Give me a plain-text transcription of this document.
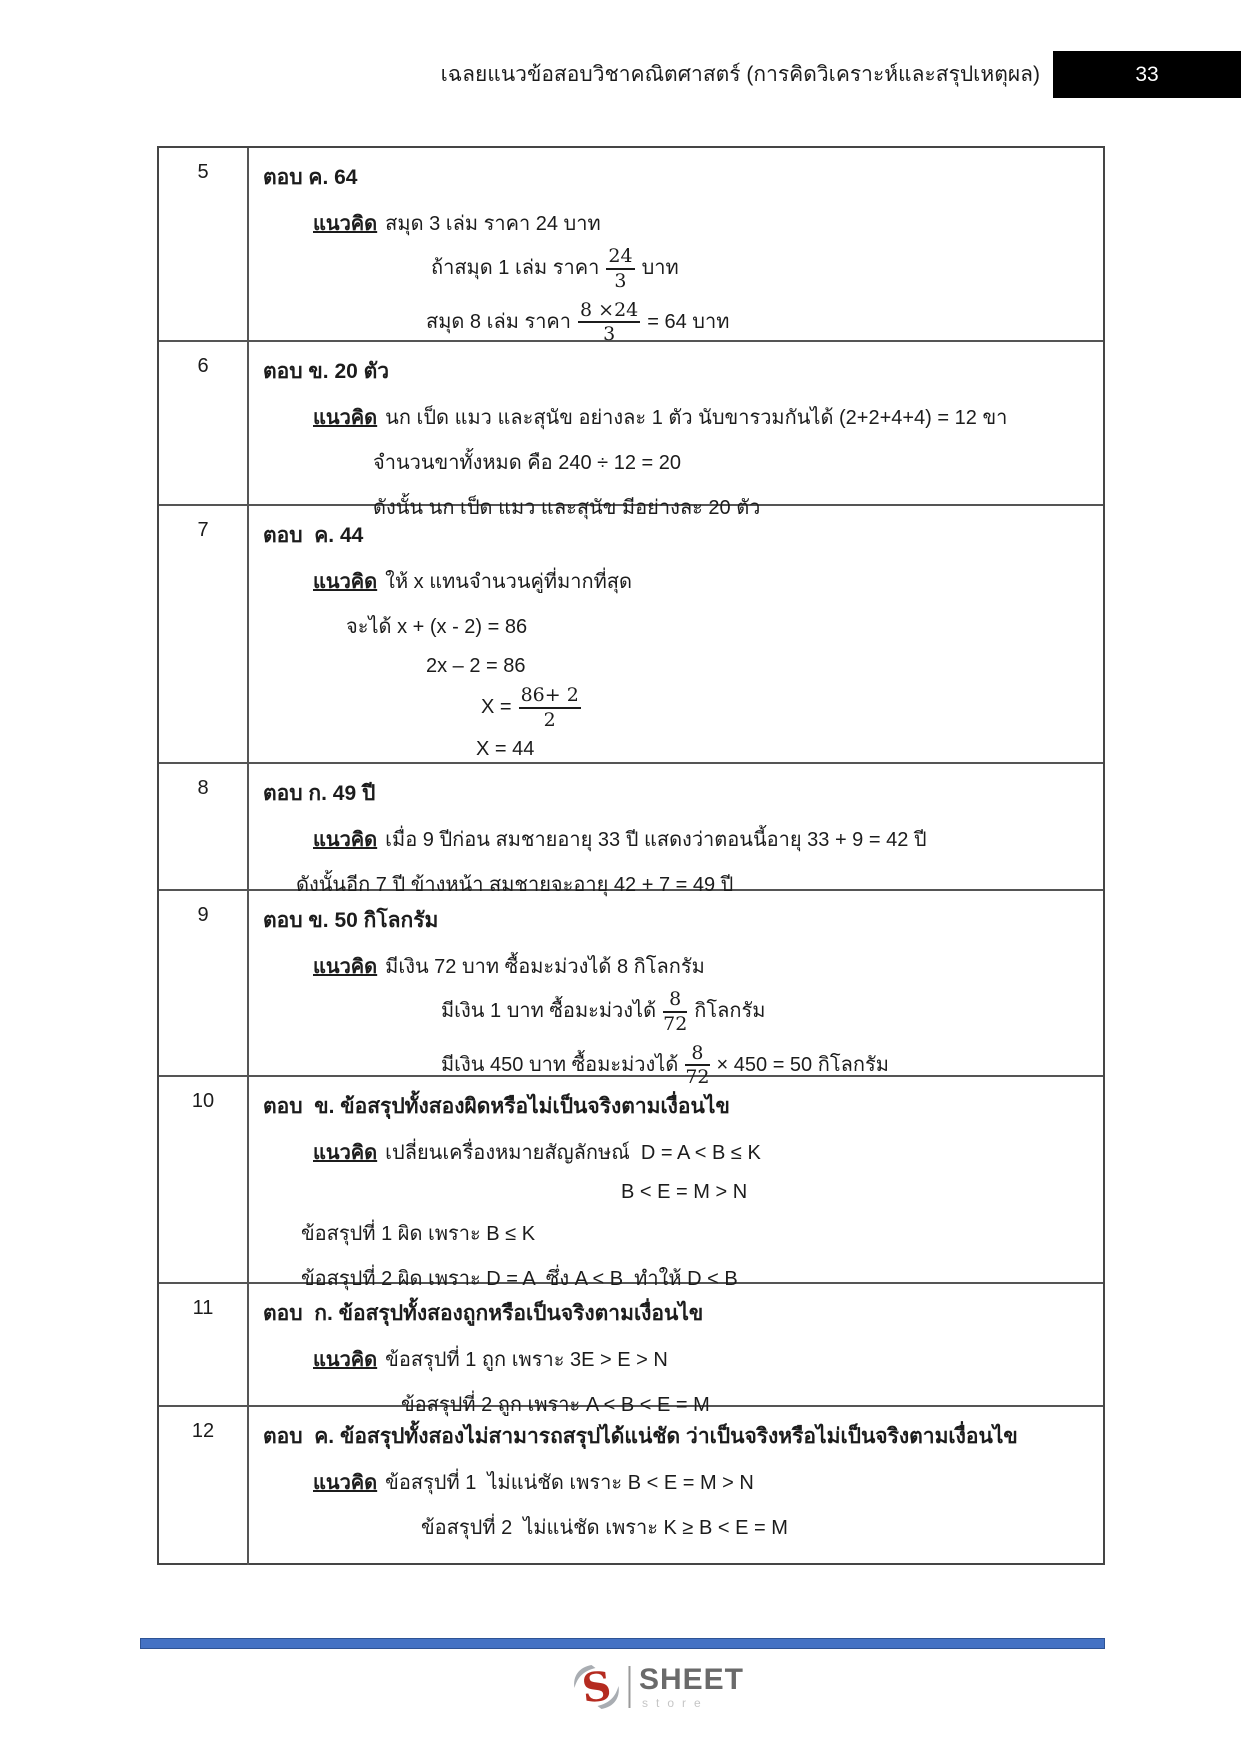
เฉลยแนวข้อสอบวิชาคณิตศาสตร์ (การคิดวิเคราะห์และสรุปเหตุผล)	33
5	ตอบ ค. 64
แนวคิด สมุด 3 เล่ม ราคา 24 บาท
ถ้าสมุด 1 เล่ม ราคา $\frac{24}{3}$ บาท
สมุด 8 เล่ม ราคา $\frac{8 \times 24}{3} = 64$ บาท
6	ตอบ ข. 20 ตัว
แนวคิด นก เป็ด แมว และสุนัข อย่างละ 1 ตัว นับขารวมกันได้ (2+2+4+4) = 12 ขา
จำนวนขาทั้งหมด คือ 240 ÷ 12 = 20
ดังนั้น นก เป็ด แมว และสุนัข มีอย่างละ 20 ตัว
7	ตอบ  ค. 44
แนวคิด ให้ x แทนจำนวนคู่ที่มากที่สุด
จะได้ x + (x - 2) = 86
2x – 2 = 86
$X = \frac{86+ 2}{2}$
X = 44
8	ตอบ ก. 49 ปี
แนวคิด เมื่อ 9 ปีก่อน สมชายอายุ 33 ปี แสดงว่าตอนนี้อายุ 33 + 9 = 42 ปี
ดังนั้นอีก 7 ปี ข้างหน้า สมชายจะอายุ 42 + 7 = 49 ปี
9	ตอบ ข. 50 กิโลกรัม
แนวคิด มีเงิน 72 บาท ซื้อมะม่วงได้ 8 กิโลกรัม
มีเงิน 1 บาท ซื้อมะม่วงได้ $\frac{8}{72}$ กิโลกรัม
มีเงิน 450 บาท ซื้อมะม่วงได้ $\frac{8}{72} \times 450 = 50$ กิโลกรัม
10	ตอบ  ข. ข้อสรุปทั้งสองผิดหรือไม่เป็นจริงตามเงื่อนไข
แนวคิด เปลี่ยนเครื่องหมายสัญลักษณ์  D = A < B ≤ K
B < E = M > N
ข้อสรุปที่ 1 ผิด เพราะ B ≤ K
ข้อสรุปที่ 2 ผิด เพราะ D = A  ซึ่ง A < B  ทำให้ D < B
11	ตอบ  ก. ข้อสรุปทั้งสองถูกหรือเป็นจริงตามเงื่อนไข
แนวคิด ข้อสรุปที่ 1 ถูก เพราะ 3E > E > N
ข้อสรุปที่ 2 ถูก เพราะ A < B < E = M
12	ตอบ  ค. ข้อสรุปทั้งสองไม่สามารถสรุปได้แน่ชัด ว่าเป็นจริงหรือไม่เป็นจริงตามเงื่อนไข
แนวคิด ข้อสรุปที่ 1  ไม่แน่ชัด เพราะ B < E = M > N
ข้อสรุปที่ 2  ไม่แน่ชัด เพราะ K ≥ B < E = M
S SHEET
store
